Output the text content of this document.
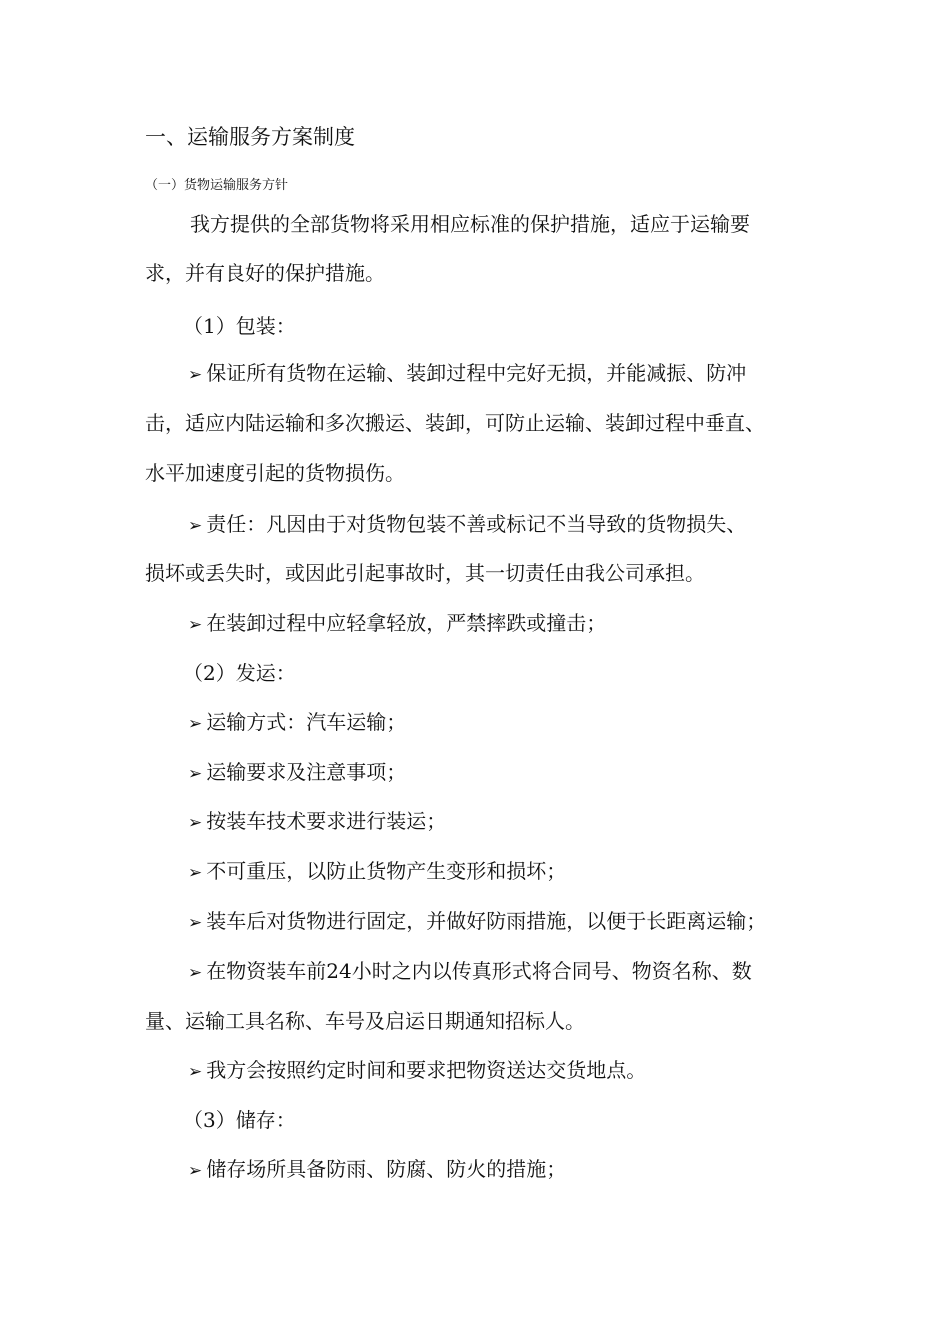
一、运输服务方案制度
（一）货物运输服务方针
我方提供的全部货物将采用相应标准的保护措施，适应于运输要
求，并有良好的保护措施。
（1）包装：
➢ 保证所有货物在运输、装卸过程中完好无损，并能减振、防冲
击，适应内陆运输和多次搬运、装卸，可防止运输、装卸过程中垂直、
水平加速度引起的货物损伤。
➢ 责任：凡因由于对货物包装不善或标记不当导致的货物损失、
损坏或丢失时，或因此引起事故时，其一切责任由我公司承担。
➢ 在装卸过程中应轻拿轻放，严禁摔跌或撞击；
（2）发运：
➢ 运输方式：汽车运输；
➢ 运输要求及注意事项；
➢ 按装车技术要求进行装运；
➢ 不可重压，以防止货物产生变形和损坏；
➢ 装车后对货物进行固定，并做好防雨措施，以便于长距离运输；
➢ 在物资装车前24小时之内以传真形式将合同号、物资名称、数
量、运输工具名称、车号及启运日期通知招标人。
➢ 我方会按照约定时间和要求把物资送达交货地点。
（3）储存：
➢ 储存场所具备防雨、防腐、防火的措施；
